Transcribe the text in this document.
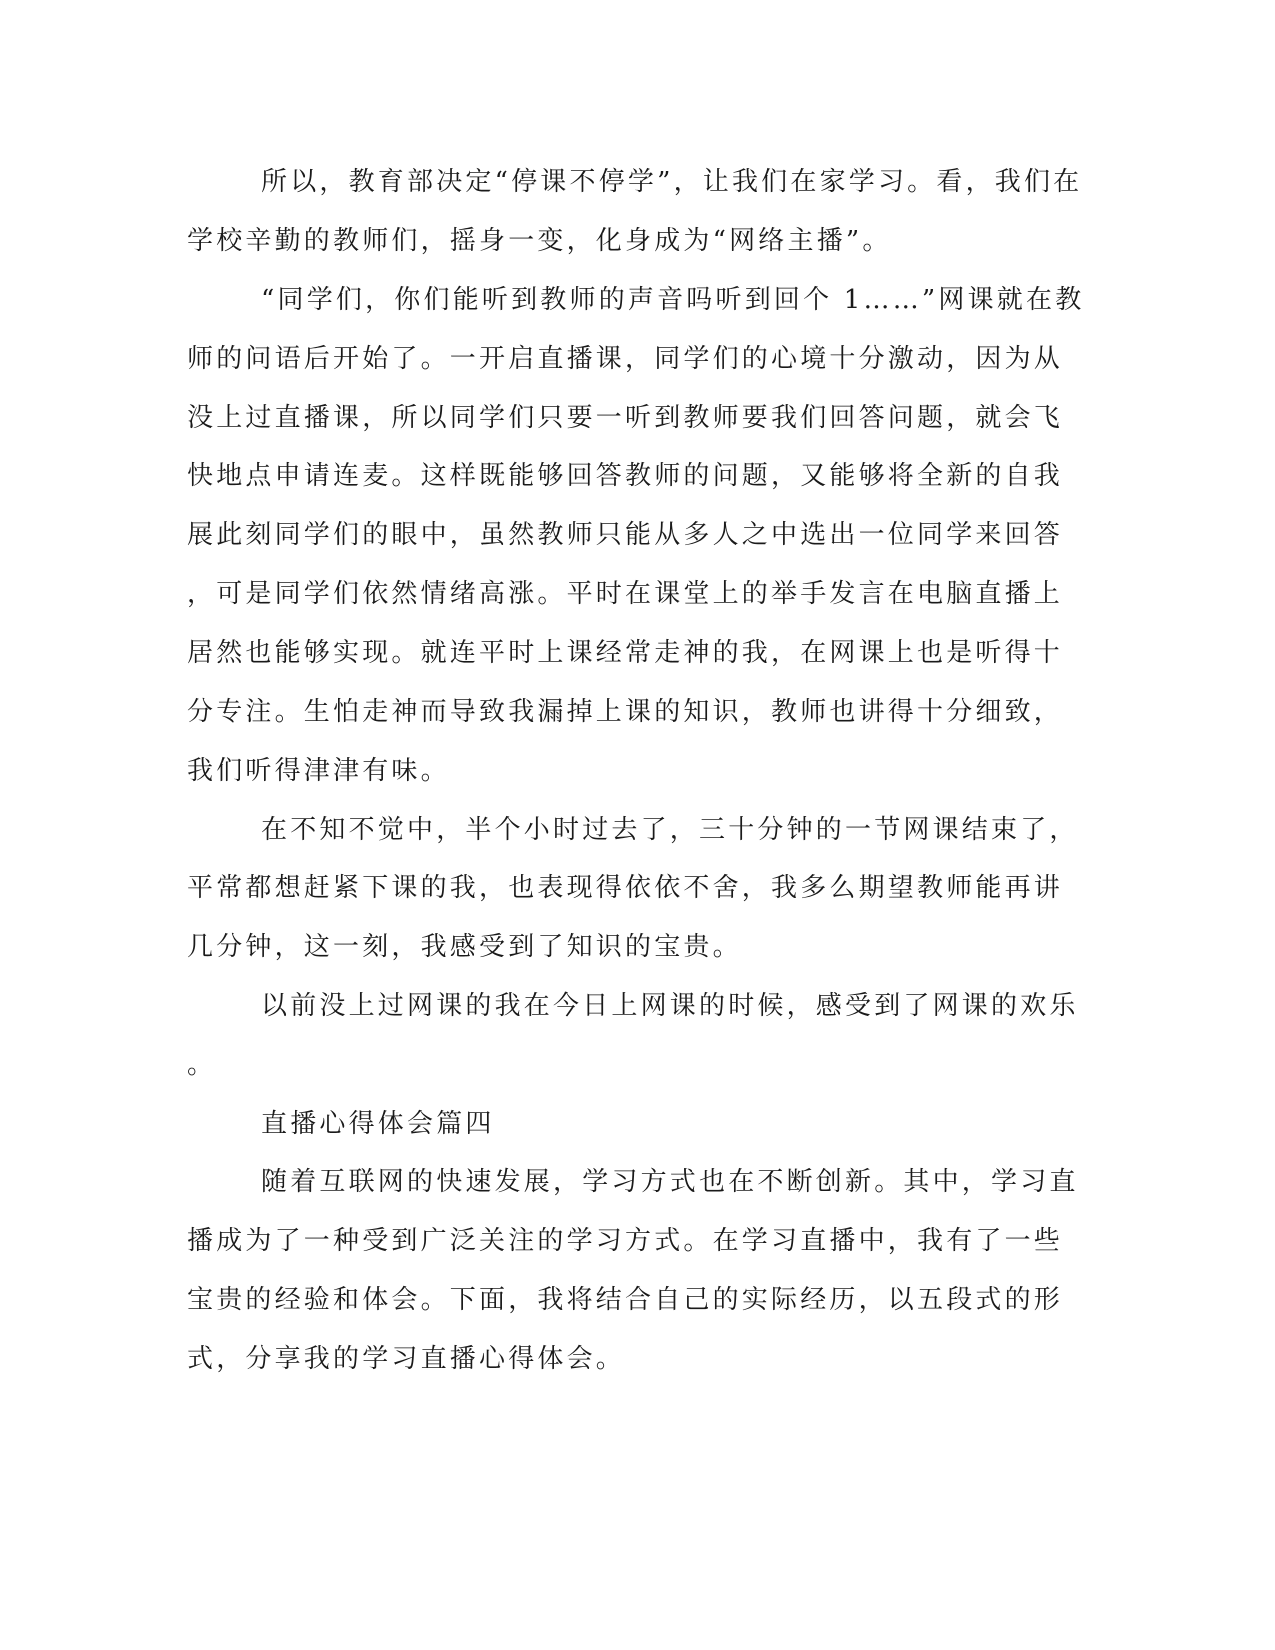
所以，教育部决定“停课不停学”，让我们在家学习。看，我们在
学校辛勤的教师们，摇身一变，化身成为“网络主播”。
“同学们，你们能听到教师的声音吗听到回个 1……”网课就在教
师的问语后开始了。一开启直播课，同学们的心境十分激动，因为从
没上过直播课，所以同学们只要一听到教师要我们回答问题，就会飞
快地点申请连麦。这样既能够回答教师的问题，又能够将全新的自我
展此刻同学们的眼中，虽然教师只能从多人之中选出一位同学来回答
，可是同学们依然情绪高涨。平时在课堂上的举手发言在电脑直播上
居然也能够实现。就连平时上课经常走神的我，在网课上也是听得十
分专注。生怕走神而导致我漏掉上课的知识，教师也讲得十分细致，
我们听得津津有味。
在不知不觉中，半个小时过去了，三十分钟的一节网课结束了，
平常都想赶紧下课的我，也表现得依依不舍，我多么期望教师能再讲
几分钟，这一刻，我感受到了知识的宝贵。
以前没上过网课的我在今日上网课的时候，感受到了网课的欢乐
。
直播心得体会篇四
随着互联网的快速发展，学习方式也在不断创新。其中，学习直
播成为了一种受到广泛关注的学习方式。在学习直播中，我有了一些
宝贵的经验和体会。下面，我将结合自己的实际经历，以五段式的形
式，分享我的学习直播心得体会。
